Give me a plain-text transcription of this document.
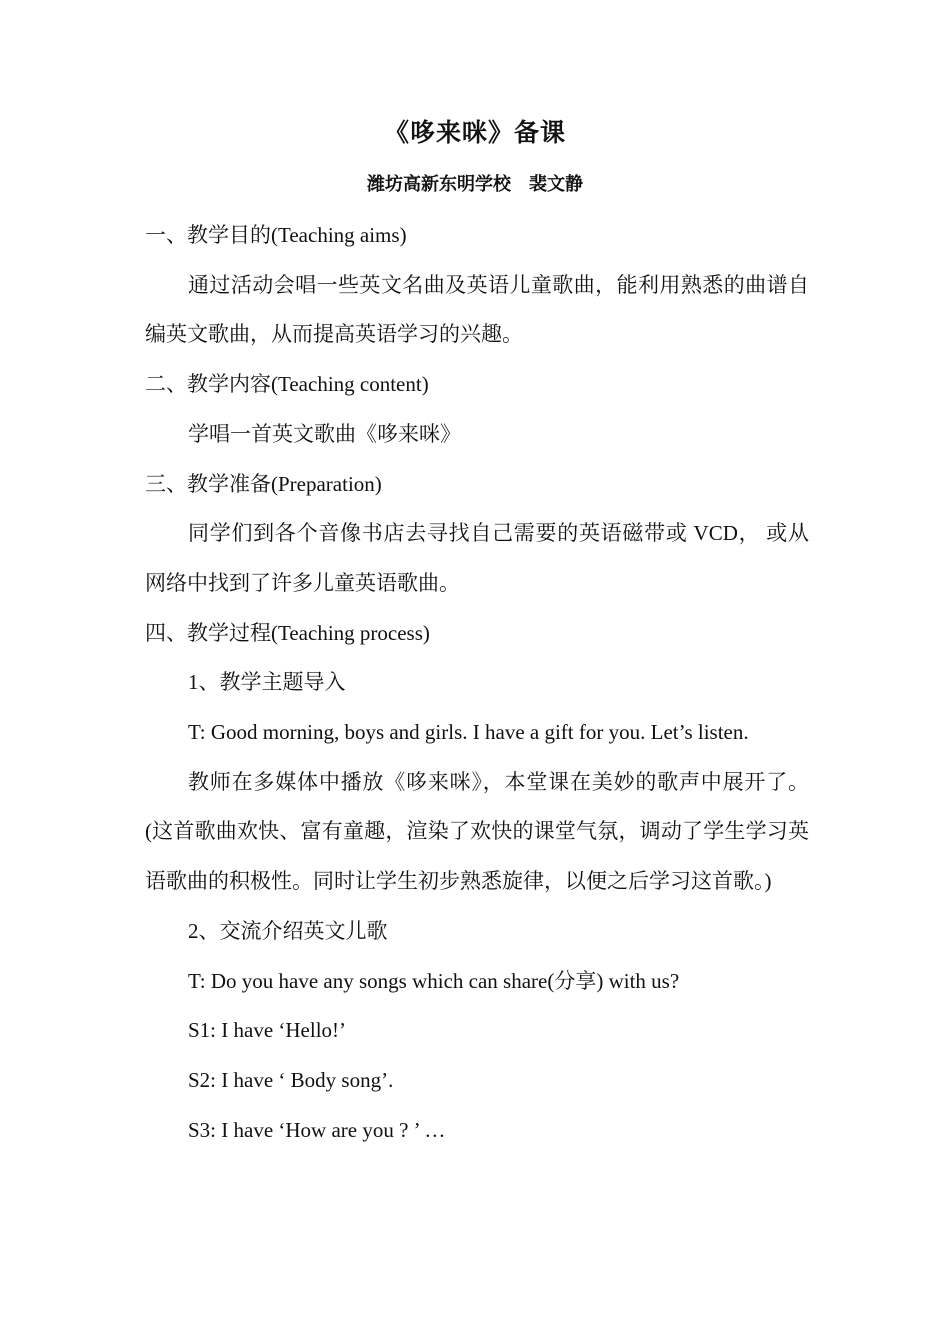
《哆来咪》备课
潍坊高新东明学校 裴文静

一、教学目的(Teaching aims)

通过活动会唱一些英文名曲及英语儿童歌曲，能利用熟悉的曲谱自编英文歌曲，从而提高英语学习的兴趣。

二、教学内容(Teaching content)

学唱一首英文歌曲《哆来咪》

三、教学准备(Preparation)

同学们到各个音像书店去寻找自己需要的英语磁带或 VCD， 或从网络中找到了许多儿童英语歌曲。

四、教学过程(Teaching process)

1、教学主题导入

T: Good morning, boys and girls. I have a gift for you. Let’s listen.

教师在多媒体中播放《哆来咪》，本堂课在美妙的歌声中展开了。(这首歌曲欢快、富有童趣，渲染了欢快的课堂气氛，调动了学生学习英语歌曲的积极性。同时让学生初步熟悉旋律，以便之后学习这首歌。)

2、交流介绍英文儿歌

T: Do you have any songs which can share(分享) with us?

S1: I have ‘Hello!’

S2: I have ‘ Body song’.

S3: I have ‘How are you ? ’ …
